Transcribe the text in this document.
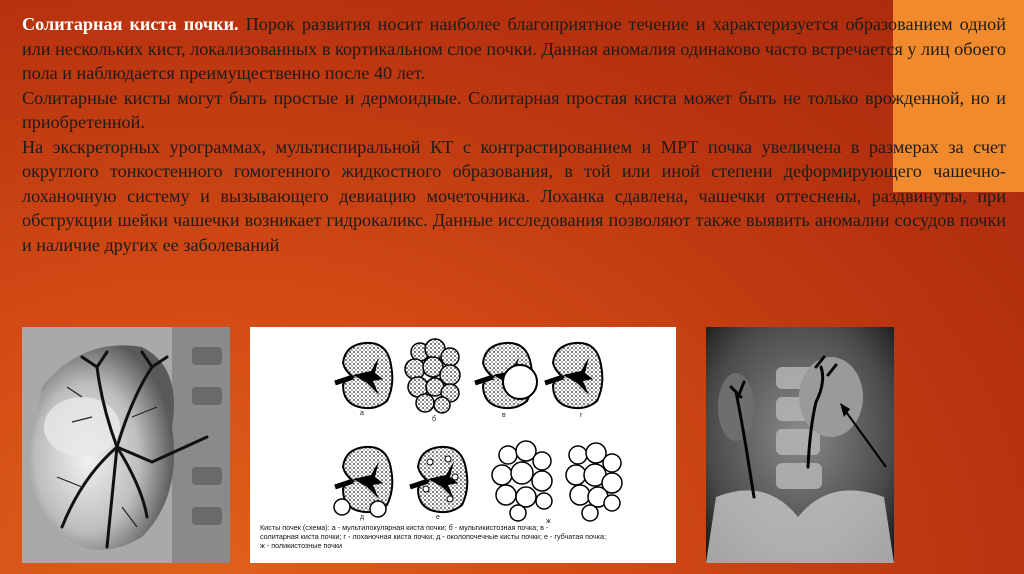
Солитарная киста почки. Порок развития носит наиболее благоприятное течение и характеризуется образованием одной или нескольких кист, локализованных в кортикальном слое почки. Данная аномалия одинаково часто встречается у лиц обоего пола и наблюдается преимущественно после 40 лет.

Солитарные кисты могут быть простые и дермоидные. Солитарная простая киста может быть не только врожденной, но и приобретенной.

На экскреторных урограммах, мультиспиральной КТ с контрастированием и МРТ почка увеличена в размерах за счет округлого тонкостенного гомогенного жидкостного образования, в той или иной степени деформирующего чашечно-лоханочную систему и вызывающего девиацию мочеточника. Лоханка сдавлена, чашечки оттеснены, раздвинуты, при обструкции шейки чашечки возникает гидрокаликс. Данные исследования позволяют также выявить аномалии сосудов почки и наличие других ее заболеваний

а
б
в	г
д	е
ж
Кисты почек (схема): а - мультилокулярная киста почки; б - мультикистозная почка; в -
солитарная киста почки; г - лоханочная киста почки; д - околопочечные кисты почки; е - губчатая почка;
ж - поликистозные почки
